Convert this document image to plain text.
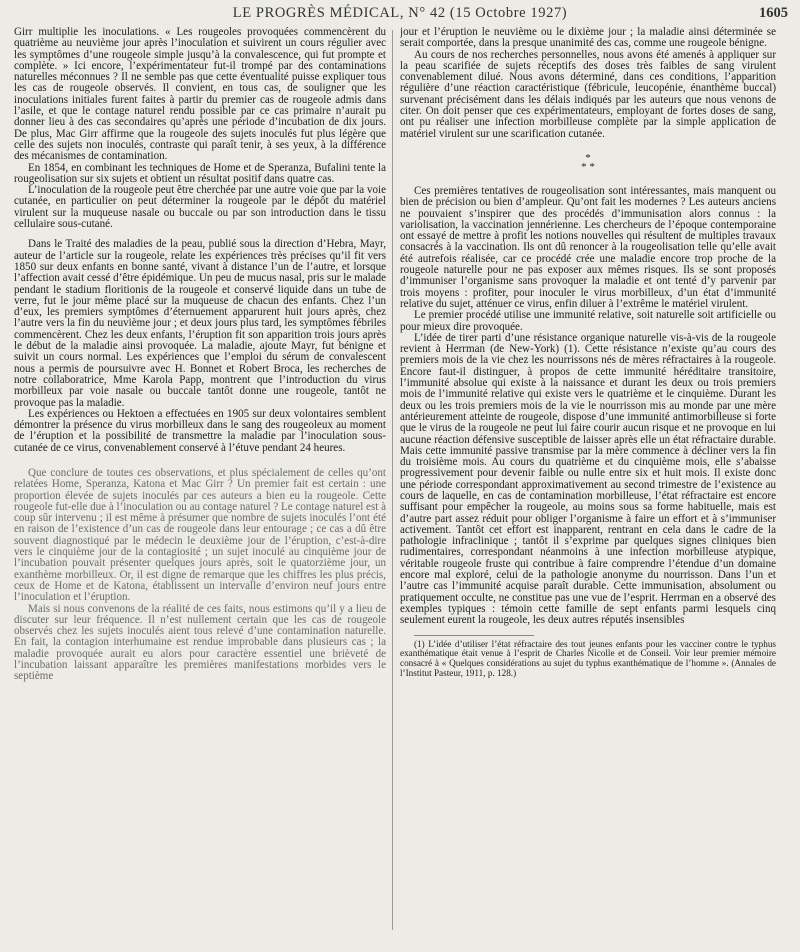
LE PROGRÈS MÉDICAL, N° 42 (15 Octobre 1927)	1605

Girr multiplie les inoculations. « Les rougeoles provoquées commencèrent du quatrième au neuvième jour après l’inoculation et suivirent un cours régulier avec les symptômes d’une rougeole simple jusqu’à la convalescence, qui fut prompte et complète. » Ici encore, l’expérimentateur fut-il trompé par des contaminations naturelles méconnues ? Il ne semble pas que cette éventualité puisse expliquer tous les cas de rougeole observés. Il convient, en tous cas, de souligner que les inoculations initiales furent faites à partir du premier cas de rougeole admis dans l’asile, et que le contage naturel rendu possible par ce cas primaire n’aurait pu donner lieu à des cas secondaires qu’après une période d’incubation de dix jours. De plus, Mac Girr affirme que la rougeole des sujets inoculés fut plus légère que celle des sujets non inoculés, contraste qui paraît tenir, à ses yeux, à la différence des mécanismes de contamination.

En 1854, en combinant les techniques de Home et de Speranza, Bufalini tente la rougeolisation sur six sujets et obtient un résultat positif dans quatre cas.

L’inoculation de la rougeole peut être cherchée par une autre voie que par la voie cutanée, en particulier on peut déterminer la rougeole par le dépôt du matériel virulent sur la muqueuse nasale ou buccale ou par son introduction dans le tissu cellulaire sous-cutané.

Dans le Traité des maladies de la peau, publié sous la direction d’Hebra, Mayr, auteur de l’article sur la rougeole, relate les expériences très précises qu’il fit vers 1850 sur deux enfants en bonne santé, vivant à distance l’un de l’autre, et lorsque l’affection avait cessé d’être épidémique. Un peu de mucus nasal, pris sur le malade pendant le stadium floritionis de la rougeole et conservé liquide dans un tube de verre, fut le jour même placé sur la muqueuse de chacun des enfants. Chez l’un d’eux, les premiers symptômes d’éternuement apparurent huit jours après, chez l’autre vers la fin du neuvième jour ; et deux jours plus tard, les symptômes fébriles commencèrent. Chez les deux enfants, l’éruption fit son apparition trois jours après le début de la maladie ainsi provoquée. La maladie, ajoute Mayr, fut bénigne et suivit un cours normal. Les expériences que l’emploi du sérum de convalescent nous a permis de poursuivre avec H. Bonnet et Robert Broca, les recherches de notre collaboratrice, Mme Karola Papp, montrent que l’introduction du virus morbilleux par voie nasale ou buccale tantôt donne une rougeole, tantôt ne provoque pas la maladie.

Les expériences ou Hektoen a effectuées en 1905 sur deux volontaires semblent démontrer la présence du virus morbilleux dans le sang des rougeoleux au moment de l’éruption et la possibilité de transmettre la maladie par l’inoculation sous-cutanée de ce virus, convenablement conservé à l’étuve pendant 24 heures.

Que conclure de toutes ces observations, et plus spécialement de celles qu’ont relatées Home, Speranza, Katona et Mac Girr ? Un premier fait est certain : une proportion élevée de sujets inoculés par ces auteurs a bien eu la rougeole. Cette rougeole fut-elle due à l’inoculation ou au contage naturel ? Le contage naturel est à coup sûr intervenu ; il est même à présumer que nombre de sujets inoculés l’ont été en raison de l’existence d’un cas de rougeole dans leur entourage ; ce cas a dû être souvent diagnostiqué par le médecin le deuxième jour de l’éruption, c’est-à-dire vers le cinquième jour de la contagiosité ; un sujet inoculé au cinquième jour de l’incubation pouvait présenter quelques jours après, soit le quatorzième jour, un exanthème morbilleux. Or, il est digne de remarque que les chiffres les plus précis, ceux de Home et de Katona, établissent un intervalle d’environ neuf jours entre l’inoculation et l’éruption.

Mais si nous convenons de la réalité de ces faits, nous estimons qu’il y a lieu de discuter sur leur fréquence. Il n’est nullement certain que les cas de rougeole observés chez les sujets inoculés aient tous relevé d’une contamination naturelle. En fait, la contagion interhumaine est rendue improbable dans plusieurs cas ; la maladie provoquée aurait eu alors pour caractère essentiel une brièveté de l’incubation laissant apparaître les premières manifestations morbides vers le septième

jour et l’éruption le neuvième ou le dixième jour ; la maladie ainsi déterminée se serait comportée, dans la presque unanimité des cas, comme une rougeole bénigne.

Au cours de nos recherches personnelles, nous avons été amenés à appliquer sur la peau scarifiée de sujets réceptifs des doses très faibles de sang virulent convenablement dilué. Nous avons déterminé, dans ces conditions, l’apparition régulière d’une réaction caractéristique (fébricule, leucopénie, énanthème buccal) survenant précisément dans les délais indiqués par les auteurs que nous venons de citer. On doit penser que ces expérimentateurs, employant de fortes doses de sang, ont pu réaliser une infection morbilleuse complète par la simple application de matériel virulent sur une scarification cutanée.

*
* *

Ces premières tentatives de rougeolisation sont intéressantes, mais manquent ou bien de précision ou bien d’ampleur. Qu’ont fait les modernes ? Les auteurs anciens ne pouvaient s’inspirer que des procédés d’immunisation alors connus : la variolisation, la vaccination jennérienne. Les chercheurs de l’époque contemporaine ont essayé de mettre à profit les notions nouvelles qui résultent de multiples travaux consacrés à la vaccination. Ils ont dû renoncer à la rougeolisation telle qu’elle avait été autrefois réalisée, car ce procédé crée une maladie encore trop proche de la rougeole naturelle pour ne pas exposer aux mêmes risques. Ils se sont proposés d’immuniser l’organisme sans provoquer la maladie et ont tenté d’y parvenir par trois moyens : profiter, pour inoculer le virus morbilleux, d’un état d’immunité relative du sujet, atténuer ce virus, enfin diluer à l’extrême le matériel virulent.

Le premier procédé utilise une immunité relative, soit naturelle soit artificielle ou pour mieux dire provoquée.

L’idée de tirer parti d’une résistance organique naturelle vis-à-vis de la rougeole revient à Herrman (de New-York) (1). Cette résistance n’existe qu’au cours des premiers mois de la vie chez les nourrissons nés de mères réfractaires à la rougeole. Encore faut-il distinguer, à propos de cette immunité héréditaire transitoire, l’immunité absolue qui existe à la naissance et durant les deux ou trois premiers mois de l’immunité relative qui existe vers le quatrième et le cinquième. Durant les deux ou les trois premiers mois de la vie le nourrisson mis au monde par une mère antérieurement atteinte de rougeole, dispose d’une immunité antimorbilleuse si forte que le virus de la rougeole ne peut lui faire courir aucun risque et ne provoque en lui aucune réaction défensive susceptible de laisser après elle un état réfractaire durable. Mais cette immunité passive transmise par la mère commence à décliner vers la fin du troisième mois. Au cours du quatrième et du cinquième mois, elle s’abaisse progressivement pour devenir faible ou nulle entre six et huit mois. Il existe donc une période correspondant approximativement au second trimestre de l’existence au cours de laquelle, en cas de contamination morbilleuse, l’état réfractaire est encore suffisant pour empêcher la rougeole, au moins sous sa forme habituelle, mais est d’autre part assez réduit pour obliger l’organisme à faire un effort et à s’immuniser activement. Tantôt cet effort est inapparent, rentrant en cela dans le cadre de la pathologie infraclinique ; tantôt il s’exprime par quelques signes cliniques bien rudimentaires, correspondant néanmoins à une infection morbilleuse atypique, véritable rougeole fruste qui contribue à faire comprendre l’étendue d’un domaine encore mal exploré, celui de la pathologie anonyme du nourrisson. Dans l’un et l’autre cas l’immunité acquise paraît durable. Cette immunisation, absolument ou pratiquement occulte, ne constitue pas une vue de l’esprit. Herrman en a observé des exemples typiques : témoin cette famille de sept enfants parmi lesquels cinq seulement eurent la rougeole, les deux autres réputés insensibles

(1) L’idée d’utiliser l’état réfractaire des tout jeunes enfants pour les vacciner contre le typhus exanthématique était venue à l’esprit de Charles Nicolle et de Conseil. Voir leur premier mémoire consacré à « Quelques considérations au sujet du typhus exanthématique de l’homme ». (Annales de l’Institut Pasteur, 1911, p. 128.)
